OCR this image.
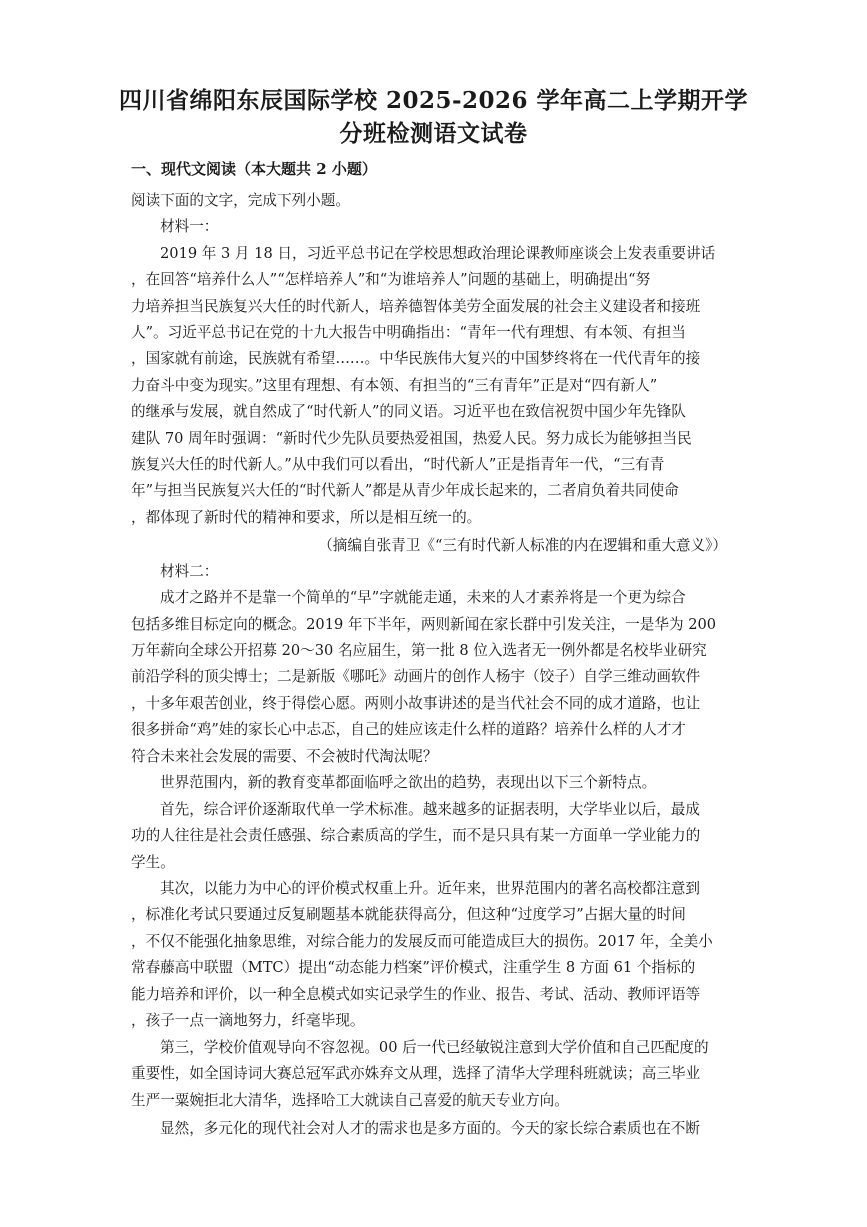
四川省绵阳东辰国际学校 2025-2026 学年高二上学期开学
分班检测语文试卷
一、现代文阅读（本大题共 2 小题）
阅读下面的文字，完成下列小题。
材料一：
2019 年 3 月 18 日，习近平总书记在学校思想政治理论课教师座谈会上发表重要讲话
，在回答“培养什么人”“怎样培养人”和“为谁培养人”问题的基础上，明确提出“努
力培养担当民族复兴大任的时代新人，培养德智体美劳全面发展的社会主义建设者和接班
人”。习近平总书记在党的十九大报告中明确指出：“青年一代有理想、有本领、有担当
，国家就有前途，民族就有希望……。中华民族伟大复兴的中国梦终将在一代代青年的接
力奋斗中变为现实。”这里有理想、有本领、有担当的“三有青年”正是对“四有新人”
的继承与发展，就自然成了“时代新人”的同义语。习近平也在致信祝贺中国少年先锋队
建队 70 周年时强调：“新时代少先队员要热爱祖国，热爱人民。努力成长为能够担当民
族复兴大任的时代新人。”从中我们可以看出，“时代新人”正是指青年一代，“三有青
年”与担当民族复兴大任的“时代新人”都是从青少年成长起来的，二者肩负着共同使命
，都体现了新时代的精神和要求，所以是相互统一的。
（摘编自张青卫《“三有时代新人标准的内在逻辑和重大意义》）
材料二：
成才之路并不是靠一个简单的“早”字就能走通，未来的人才素养将是一个更为综合
包括多维目标定向的概念。2019 年下半年，两则新闻在家长群中引发关注，一是华为 200
万年薪向全球公开招募 20～30 名应届生，第一批 8 位入选者无一例外都是名校毕业研究
前沿学科的顶尖博士；二是新版《哪吒》动画片的创作人杨宇（饺子）自学三维动画软件
，十多年艰苦创业，终于得偿心愿。两则小故事讲述的是当代社会不同的成才道路，也让
很多拼命“鸡”娃的家长心中忐忑，自己的娃应该走什么样的道路？培养什么样的人才才
符合未来社会发展的需要、不会被时代淘汰呢？
世界范围内，新的教育变革都面临呼之欲出的趋势，表现出以下三个新特点。
首先，综合评价逐渐取代单一学术标准。越来越多的证据表明，大学毕业以后，最成
功的人往往是社会责任感强、综合素质高的学生，而不是只具有某一方面单一学业能力的
学生。
其次，以能力为中心的评价模式权重上升。近年来，世界范围内的著名高校都注意到
，标准化考试只要通过反复刷题基本就能获得高分，但这种“过度学习”占据大量的时间
，不仅不能强化抽象思维，对综合能力的发展反而可能造成巨大的损伤。2017 年，全美小
常春藤高中联盟（MTC）提出“动态能力档案”评价模式，注重学生 8 方面 61 个指标的
能力培养和评价，以一种全息模式如实记录学生的作业、报告、考试、活动、教师评语等
，孩子一点一滴地努力，纤毫毕现。
第三，学校价值观导向不容忽视。00 后一代已经敏锐注意到大学价值和自己匹配度的
重要性，如全国诗词大赛总冠军武亦姝弃文从理，选择了清华大学理科班就读；高三毕业
生严一粟婉拒北大清华，选择哈工大就读自己喜爱的航天专业方向。
显然，多元化的现代社会对人才的需求也是多方面的。今天的家长综合素质也在不断
